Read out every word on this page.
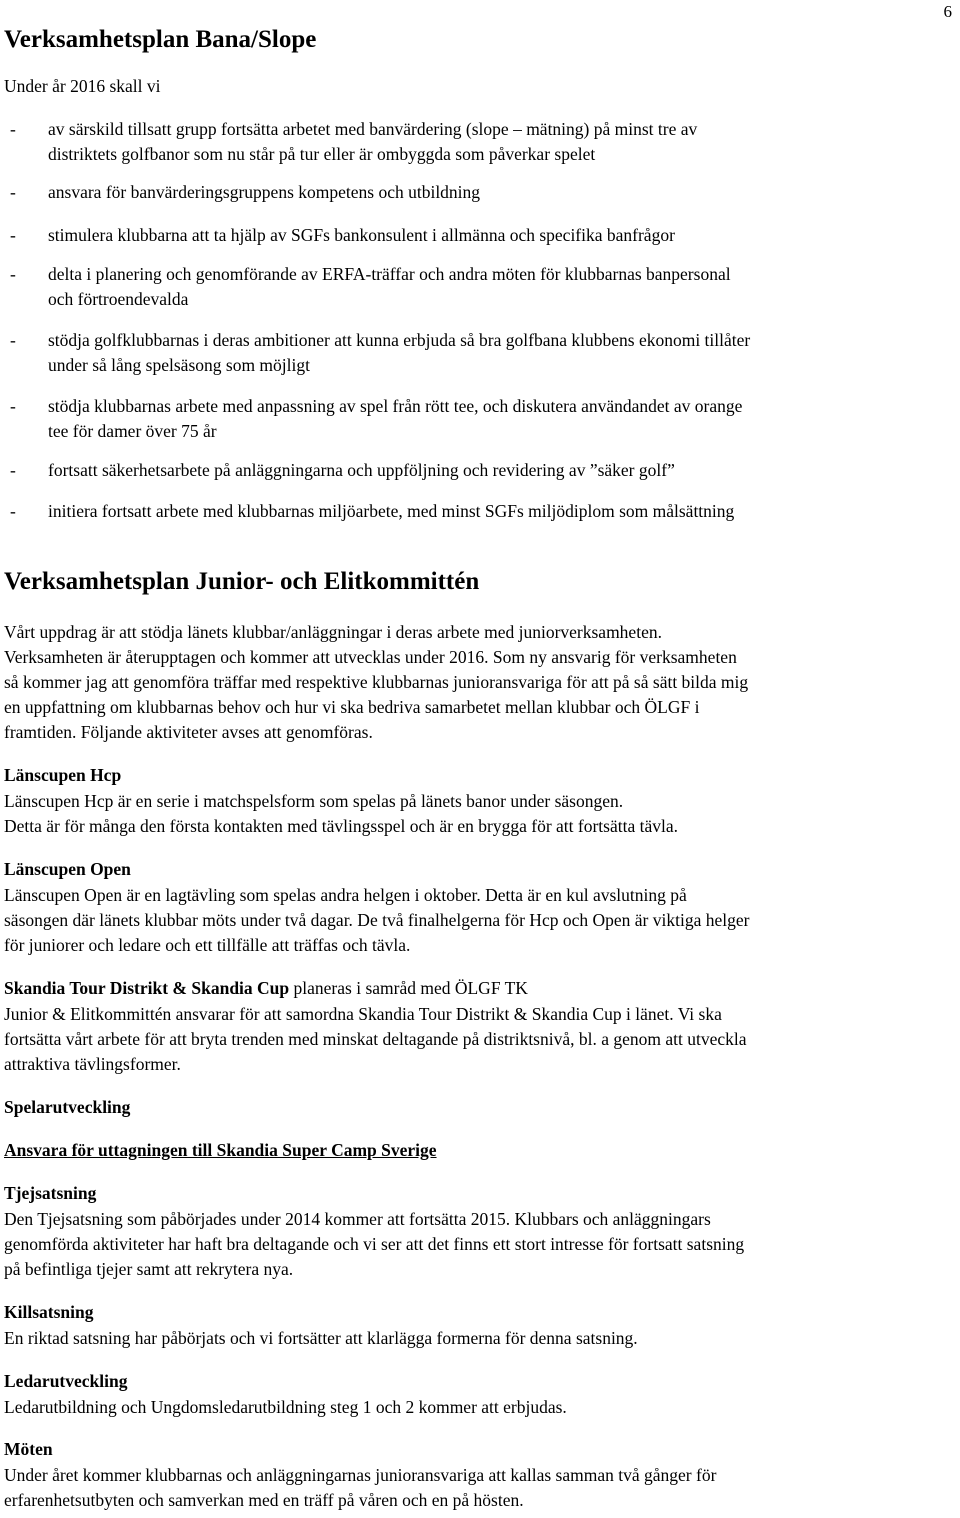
6
Verksamhetsplan Bana/Slope
Under år 2016 skall vi
- av särskild tillsatt grupp fortsätta arbetet med banvärdering (slope – mätning) på minst tre av
distriktets golfbanor som nu står på tur eller är ombyggda som påverkar spelet
- ansvara för banvärderingsgruppens kompetens och utbildning
- stimulera klubbarna att ta hjälp av SGFs bankonsulent i allmänna och specifika banfrågor
- delta i planering och genomförande av ERFA-träffar och andra möten för klubbarnas banpersonal
och förtroendevalda
- stödja golfklubbarnas i deras ambitioner att kunna erbjuda så bra golfbana klubbens ekonomi tillåter
under så lång spelsäsong som möjligt
- stödja klubbarnas arbete med anpassning av spel från rött tee, och diskutera användandet av orange
tee för damer över 75 år
- fortsatt säkerhetsarbete på anläggningarna och uppföljning och revidering av ”säker golf”
- initiera fortsatt arbete med klubbarnas miljöarbete, med minst SGFs miljödiplom som målsättning
Verksamhetsplan Junior- och Elitkommittén
Vårt uppdrag är att stödja länets klubbar/anläggningar i deras arbete med juniorverksamheten.
Verksamheten är återupptagen och kommer att utvecklas under 2016. Som ny ansvarig för verksamheten
så kommer jag att genomföra träffar med respektive klubbarnas junioransvariga för att på så sätt bilda mig
en uppfattning om klubbarnas behov och hur vi ska bedriva samarbetet mellan klubbar och ÖLGF i
framtiden. Följande aktiviteter avses att genomföras.
Länscupen Hcp
Länscupen Hcp är en serie i matchspelsform som spelas på länets banor under säsongen.
Detta är för många den första kontakten med tävlingsspel och är en brygga för att fortsätta tävla.
Länscupen Open
Länscupen Open är en lagtävling som spelas andra helgen i oktober. Detta är en kul avslutning på
säsongen där länets klubbar möts under två dagar. De två finalhelgerna för Hcp och Open är viktiga helger
för juniorer och ledare och ett tillfälle att träffas och tävla.
Skandia Tour Distrikt & Skandia Cup planeras i samråd med ÖLGF TK
Junior & Elitkommittén ansvarar för att samordna Skandia Tour Distrikt & Skandia Cup i länet. Vi ska
fortsätta vårt arbete för att bryta trenden med minskat deltagande på distriktsnivå, bl. a genom att utveckla
attraktiva tävlingsformer.
Spelarutveckling
Ansvara för uttagningen till Skandia Super Camp Sverige
Tjejsatsning
Den Tjejsatsning som påbörjades under 2014 kommer att fortsätta 2015. Klubbars och anläggningars
genomförda aktiviteter har haft bra deltagande och vi ser att det finns ett stort intresse för fortsatt satsning
på befintliga tjejer samt att rekrytera nya.
Killsatsning
En riktad satsning har påbörjats och vi fortsätter att klarlägga formerna för denna satsning.
Ledarutveckling
Ledarutbildning och Ungdomsledarutbildning steg 1 och 2 kommer att erbjudas.
Möten
Under året kommer klubbarnas och anläggningarnas junioransvariga att kallas samman två gånger för
erfarenhetsutbyten och samverkan med en träff på våren och en på hösten.
